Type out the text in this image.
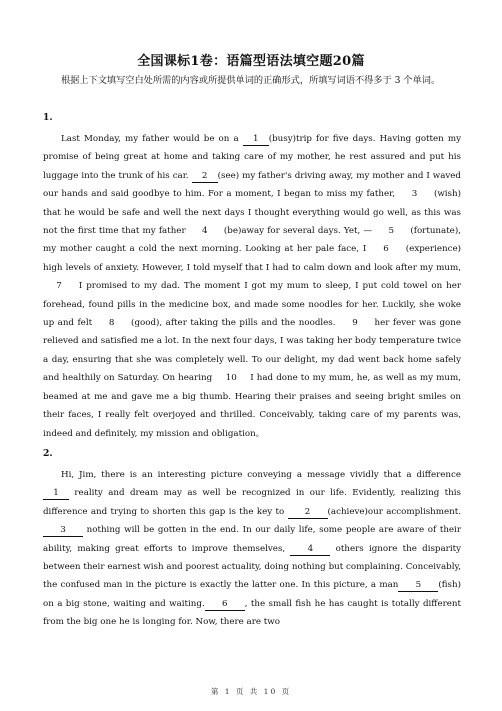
全国课标1卷：语篇型语法填空题20篇
根据上下文填写空白处所需的内容或所提供单词的正确形式，所填写词语不得多于 3 个单词。
1.
Last Monday, my father would be on a 1 (busy)trip for five days. Having gotten my promise of being great at home and taking care of my mother, he rest assured and put his luggage into the trunk of his car. 2 (see) my father's driving away, my mother and I waved our hands and said goodbye to him. For a moment, I began to miss my father, 3 (wish) that he would be safe and well the next days I thought everything would go well, as this was not the first time that my father 4 (be)away for several days. Yet, — 5 (fortunate), my mother caught a cold the next morning. Looking at her pale face, I 6 (experience) high levels of anxiety. However, I told myself that I had to calm down and look after my mum, 7 I promised to my dad. The moment I got my mum to sleep, I put cold towel on her forehead, found pills in the medicine box, and made some noodles for her. Luckily, she woke up and felt 8 (good), after taking the pills and the noodles. 9 her fever was gone relieved and satisfied me a lot. In the next four days, I was taking her body temperature twice a day, ensuring that she was completely well. To our delight, my dad went back home safely and healthily on Saturday. On hearing 10 I had done to my mum, he, as well as my mum, beamed at me and gave me a big thumb. Hearing their praises and seeing bright smiles on their faces, I really felt overjoyed and thrilled. Conceivably, taking care of my parents was, indeed and definitely, my mission and obligation。
2.
Hi, Jim, there is an interesting picture conveying a message vividly that a difference 1 reality and dream may as well be recognized in our life. Evidently, realizing this difference and trying to shorten this gap is the key to 2 (achieve)our accomplishment. 3 nothing will be gotten in the end. In our daily life, some people are aware of their ability, making great efforts to improve themselves, 4 others ignore the disparity between their earnest wish and poorest actuality, doing nothing but complaining. Conceivably, the confused man in the picture is exactly the latter one. In this picture, a man 5 (fish) on a big stone, waiting and waiting. 6 , the small fish he has caught is totally different from the big one he is longing for. Now, there are two
第 1 页 共 10 页
